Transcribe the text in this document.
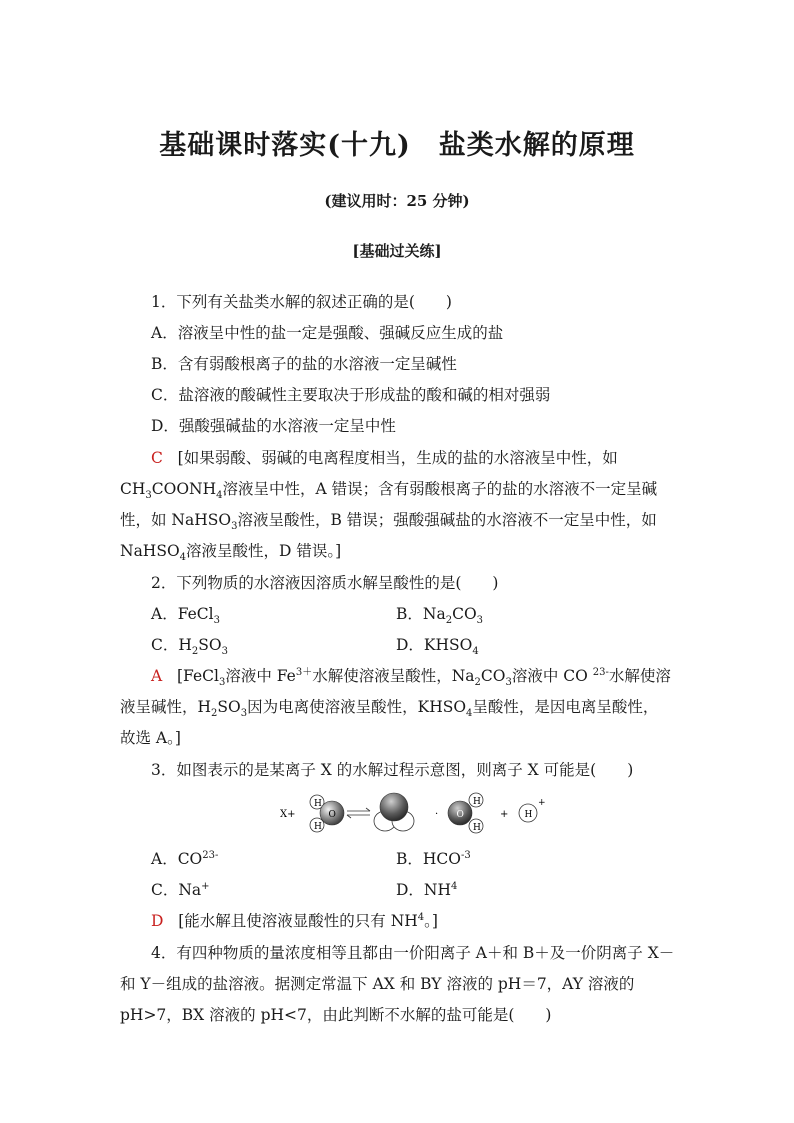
基础课时落实(十九)　盐类水解的原理
(建议用时：25 分钟)
[基础过关练]
1．下列有关盐类水解的叙述正确的是(　　)
A．溶液呈中性的盐一定是强酸、强碱反应生成的盐
B．含有弱酸根离子的盐的水溶液一定呈碱性
C．盐溶液的酸碱性主要取决于形成盐的酸和碱的相对强弱
D．强酸强碱盐的水溶液一定呈中性
C [如果弱酸、弱碱的电离程度相当，生成的盐的水溶液呈中性，如
$CH_3COONH_4$溶液呈中性，A 错误；含有弱酸根离子的盐的水溶液不一定呈碱
性，如 NaHSO$_3$溶液呈酸性，B 错误；强酸强碱盐的水溶液不一定呈中性，如
NaHSO$_4$溶液呈酸性，D 错误。]
2．下列物质的水溶液因溶质水解呈酸性的是(　　)
A．FeCl$_3$	B．$Na_2CO_3$
C．$H_2SO_3$	D．$KHSO_4$
A [FeCl$_3$溶液中 $Fe^{3+}$水解使溶液呈酸性，$Na_2CO_3$溶液中 CO $^{23-}$水解使溶
液呈碱性，$H_2SO_3$因为电离使溶液呈酸性，$KHSO_4$呈酸性，是因电离呈酸性，
故选 A。]
3．如图表示的是某离子 X 的水解过程示意图，则离子 X 可能是(　　)
X+
H
H
O	· O
H
H
+ H
+
A．$CO^{23-}$	B．$HCO^{-3}$
C．Na+	D．$NH^4$
D [能水解且使溶液显酸性的只有 $NH^4$。]
4．有四种物质的量浓度相等且都由一价阳离子 A＋和 B＋及一价阴离子 X－
和 Y－组成的盐溶液。据测定常温下 AX 和 BY 溶液的 pH＝7，AY 溶液的
pH>7，BX 溶液的 pH<7，由此判断不水解的盐可能是(　　)
